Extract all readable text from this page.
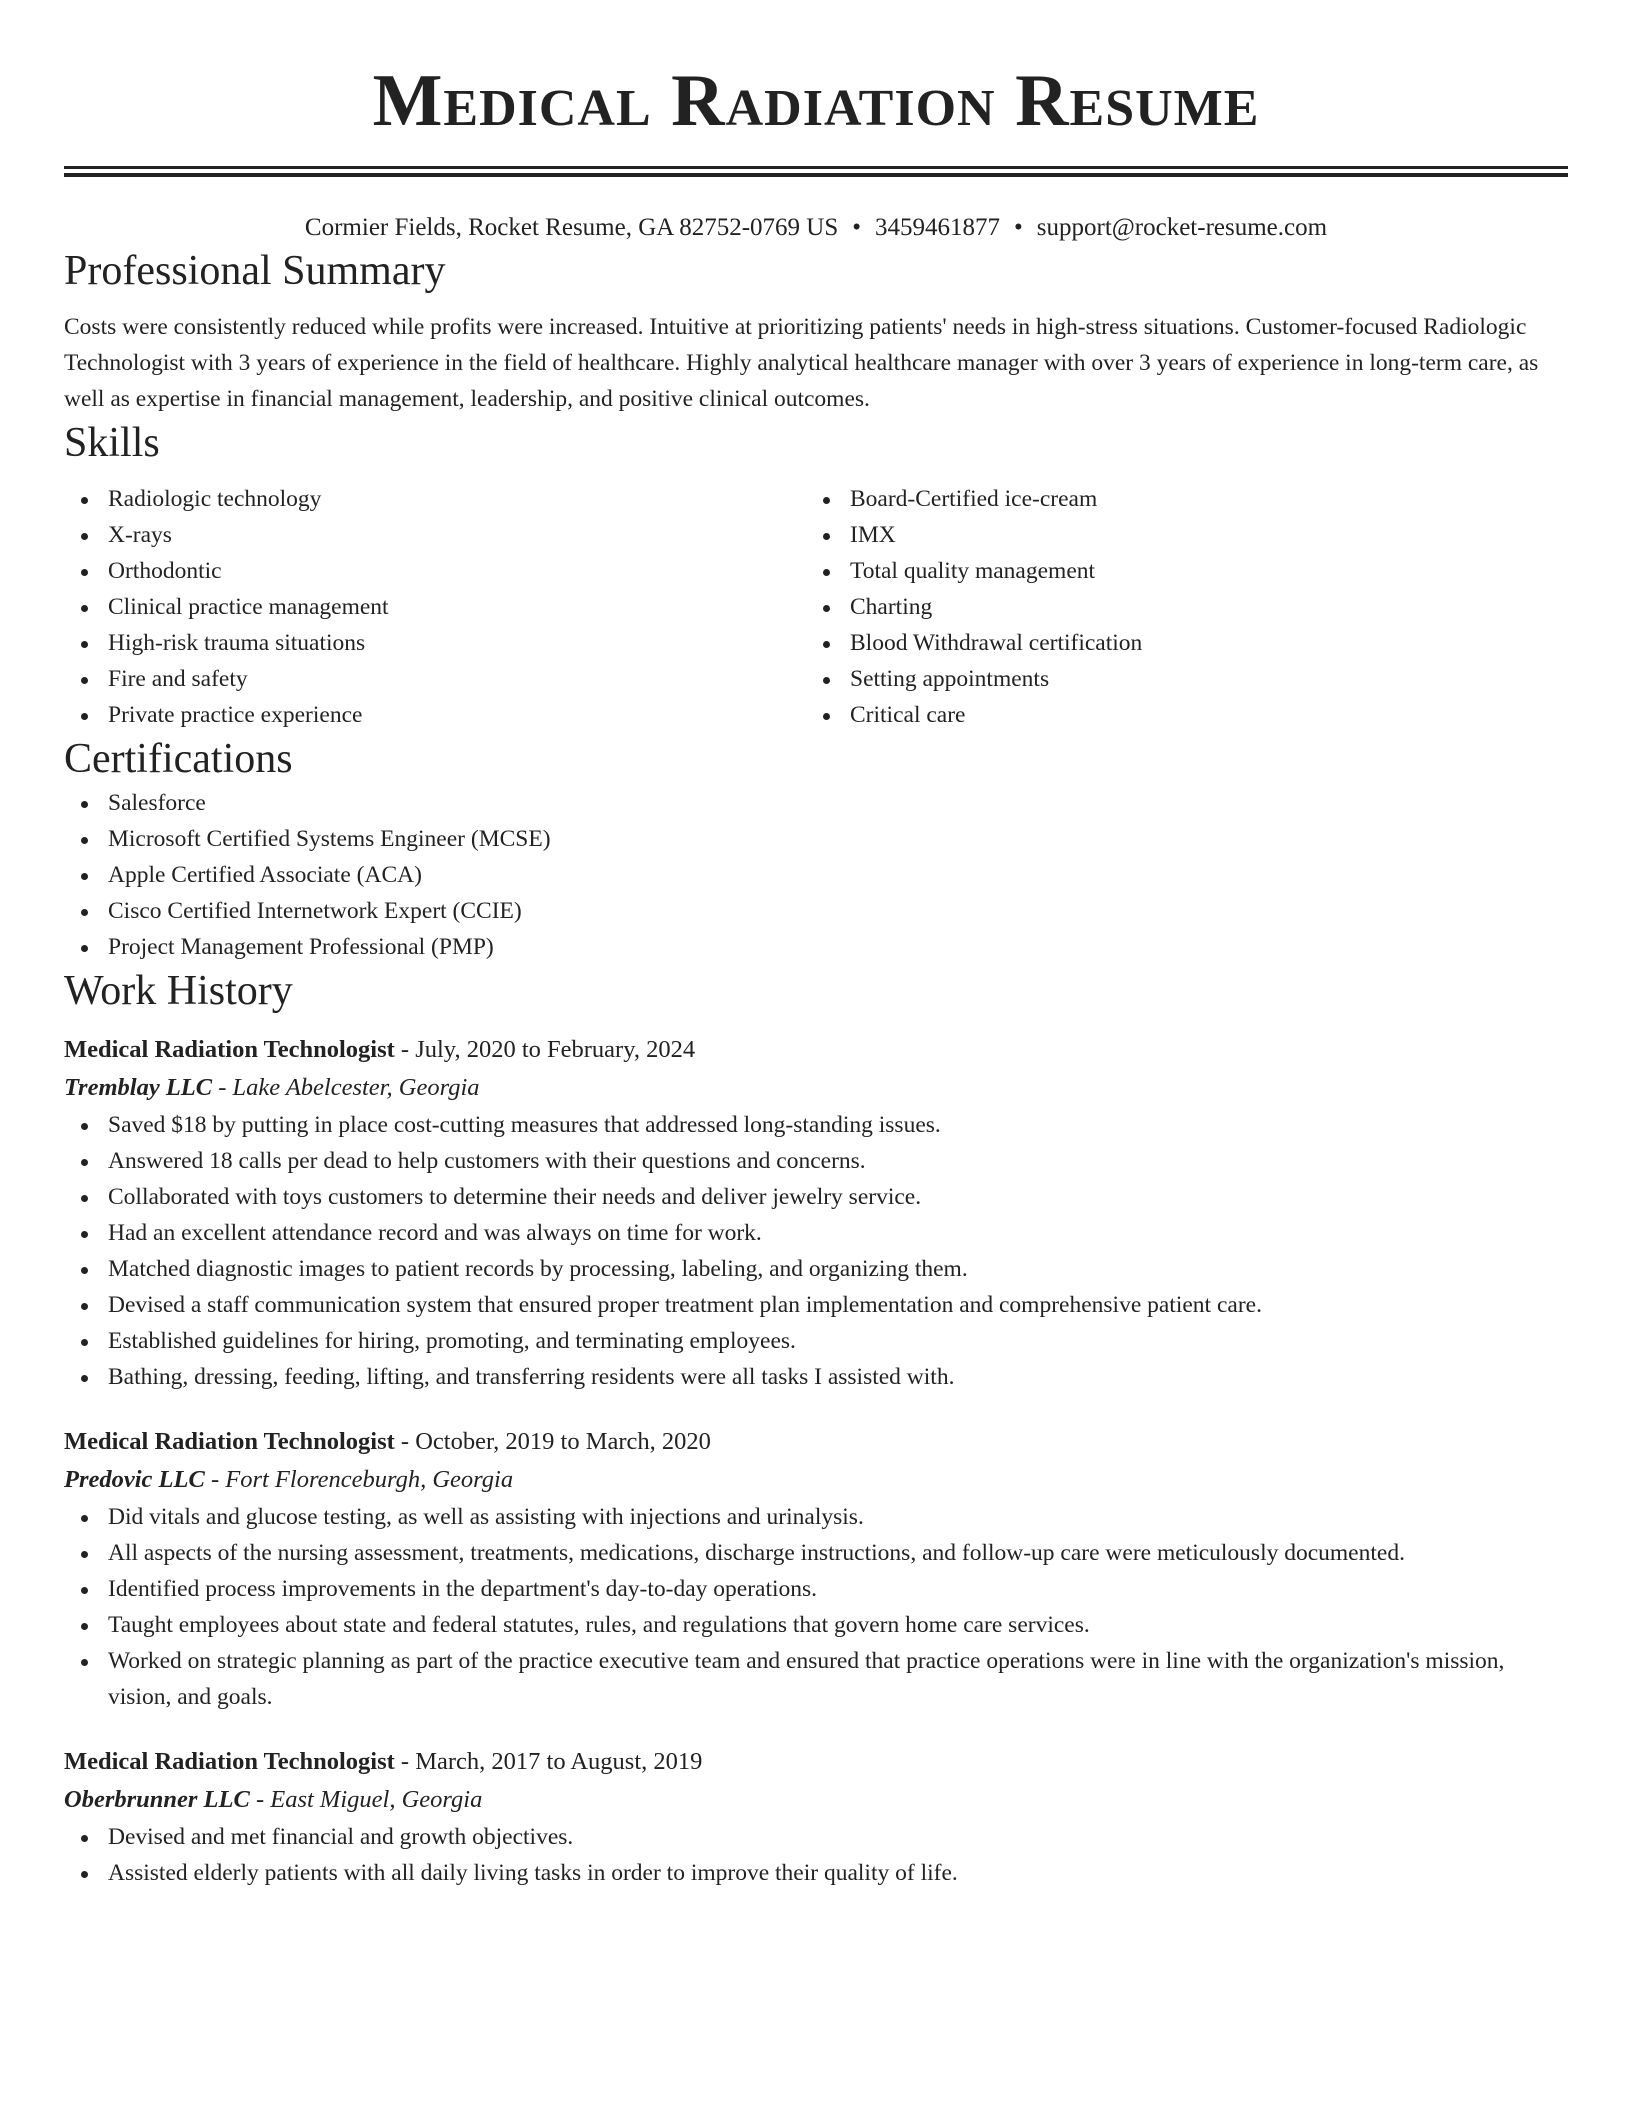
Medical Radiation Resume
Cormier Fields, Rocket Resume, GA 82752-0769 US • 3459461877 • support@rocket-resume.com
Professional Summary
Costs were consistently reduced while profits were increased. Intuitive at prioritizing patients' needs in high-stress situations. Customer-focused Radiologic Technologist with 3 years of experience in the field of healthcare. Highly analytical healthcare manager with over 3 years of experience in long-term care, as well as expertise in financial management, leadership, and positive clinical outcomes.
Skills
Radiologic technology
X-rays
Orthodontic
Clinical practice management
High-risk trauma situations
Fire and safety
Private practice experience
Board-Certified ice-cream
IMX
Total quality management
Charting
Blood Withdrawal certification
Setting appointments
Critical care
Certifications
Salesforce
Microsoft Certified Systems Engineer (MCSE)
Apple Certified Associate (ACA)
Cisco Certified Internetwork Expert (CCIE)
Project Management Professional (PMP)
Work History
Medical Radiation Technologist - July, 2020 to February, 2024
Tremblay LLC - Lake Abelcester, Georgia
Saved $18 by putting in place cost-cutting measures that addressed long-standing issues.
Answered 18 calls per dead to help customers with their questions and concerns.
Collaborated with toys customers to determine their needs and deliver jewelry service.
Had an excellent attendance record and was always on time for work.
Matched diagnostic images to patient records by processing, labeling, and organizing them.
Devised a staff communication system that ensured proper treatment plan implementation and comprehensive patient care.
Established guidelines for hiring, promoting, and terminating employees.
Bathing, dressing, feeding, lifting, and transferring residents were all tasks I assisted with.
Medical Radiation Technologist - October, 2019 to March, 2020
Predovic LLC - Fort Florenceburgh, Georgia
Did vitals and glucose testing, as well as assisting with injections and urinalysis.
All aspects of the nursing assessment, treatments, medications, discharge instructions, and follow-up care were meticulously documented.
Identified process improvements in the department's day-to-day operations.
Taught employees about state and federal statutes, rules, and regulations that govern home care services.
Worked on strategic planning as part of the practice executive team and ensured that practice operations were in line with the organization's mission, vision, and goals.
Medical Radiation Technologist - March, 2017 to August, 2019
Oberbrunner LLC - East Miguel, Georgia
Devised and met financial and growth objectives.
Assisted elderly patients with all daily living tasks in order to improve their quality of life.
